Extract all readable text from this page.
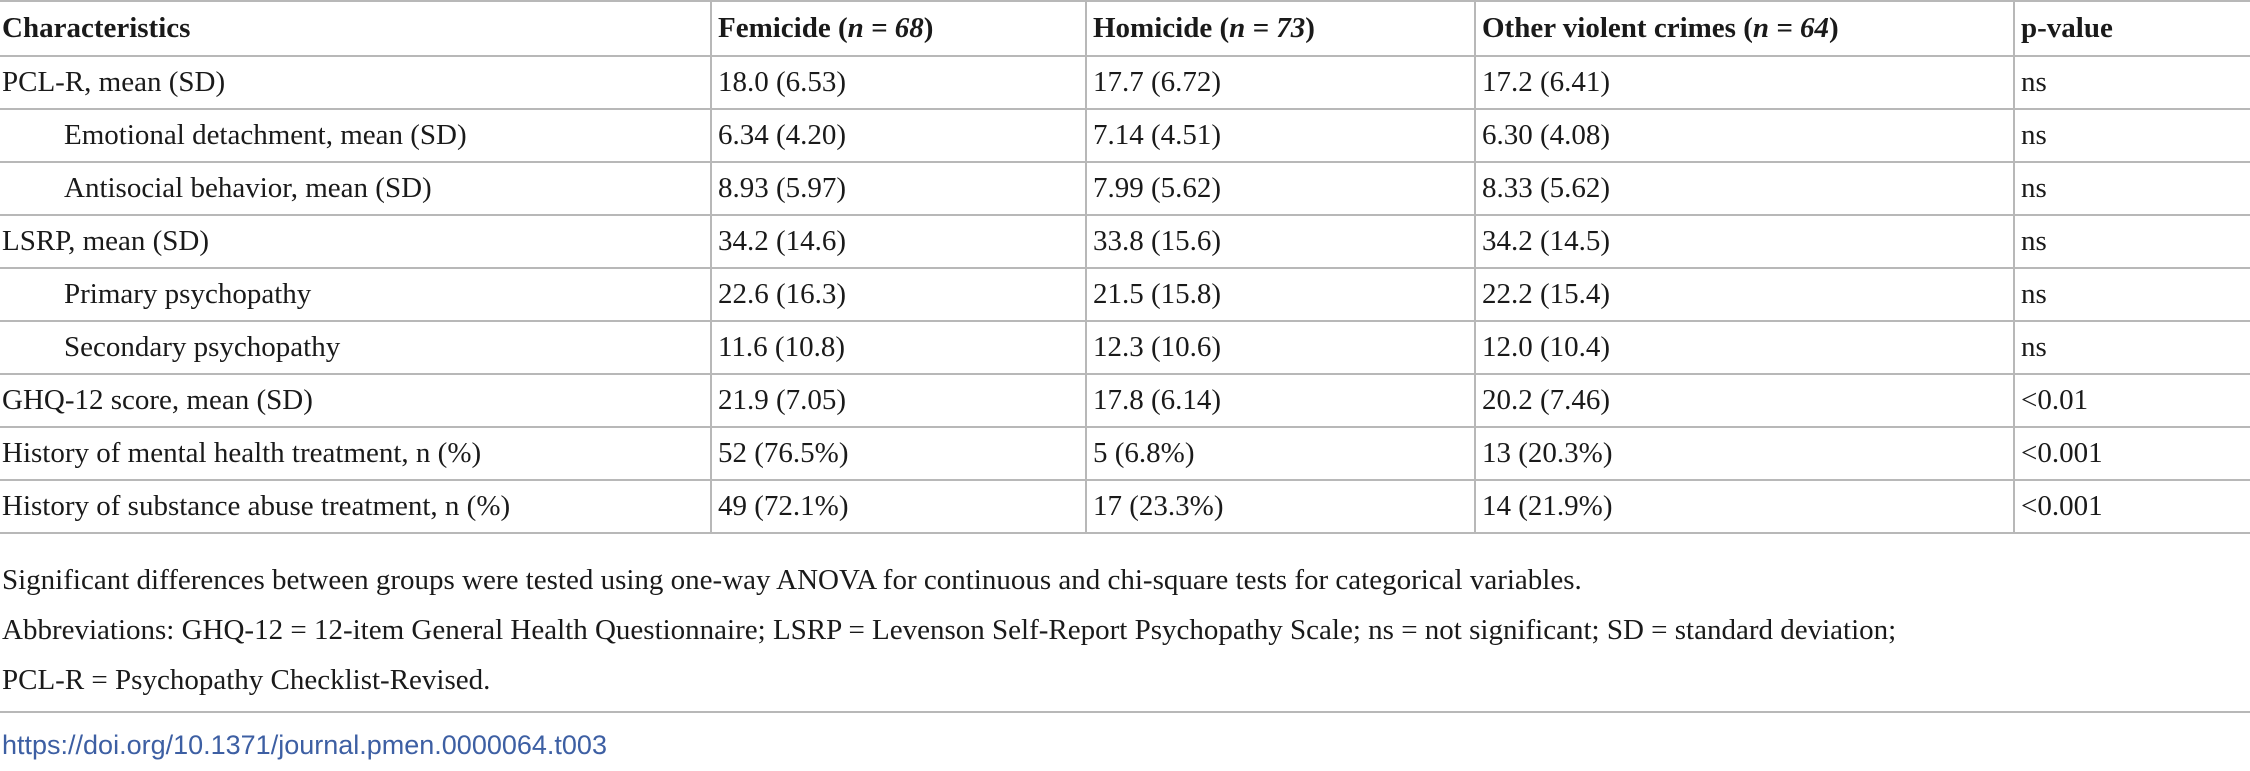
Characteristics	Femicide (n = 68)	Homicide (n = 73)	Other violent crimes (n = 64)	p-value
PCL-R, mean (SD)	18.0 (6.53)	17.7 (6.72)	17.2 (6.41)	ns
Emotional detachment, mean (SD)	6.34 (4.20)	7.14 (4.51)	6.30 (4.08)	ns
Antisocial behavior, mean (SD)	8.93 (5.97)	7.99 (5.62)	8.33 (5.62)	ns
LSRP, mean (SD)	34.2 (14.6)	33.8 (15.6)	34.2 (14.5)	ns
Primary psychopathy	22.6 (16.3)	21.5 (15.8)	22.2 (15.4)	ns
Secondary psychopathy	11.6 (10.8)	12.3 (10.6)	12.0 (10.4)	ns
GHQ-12 score, mean (SD)	21.9 (7.05)	17.8 (6.14)	20.2 (7.46)	<0.01
History of mental health treatment, n (%)	52 (76.5%)	5 (6.8%)	13 (20.3%)	<0.001
History of substance abuse treatment, n (%)	49 (72.1%)	17 (23.3%)	14 (21.9%)	<0.001

Significant differences between groups were tested using one-way ANOVA for continuous and chi-square tests for categorical variables.

Abbreviations: GHQ-12 = 12-item General Health Questionnaire; LSRP = Levenson Self-Report Psychopathy Scale; ns = not significant; SD = standard deviation;

PCL-R = Psychopathy Checklist-Revised.

https://doi.org/10.1371/journal.pmen.0000064.t003
